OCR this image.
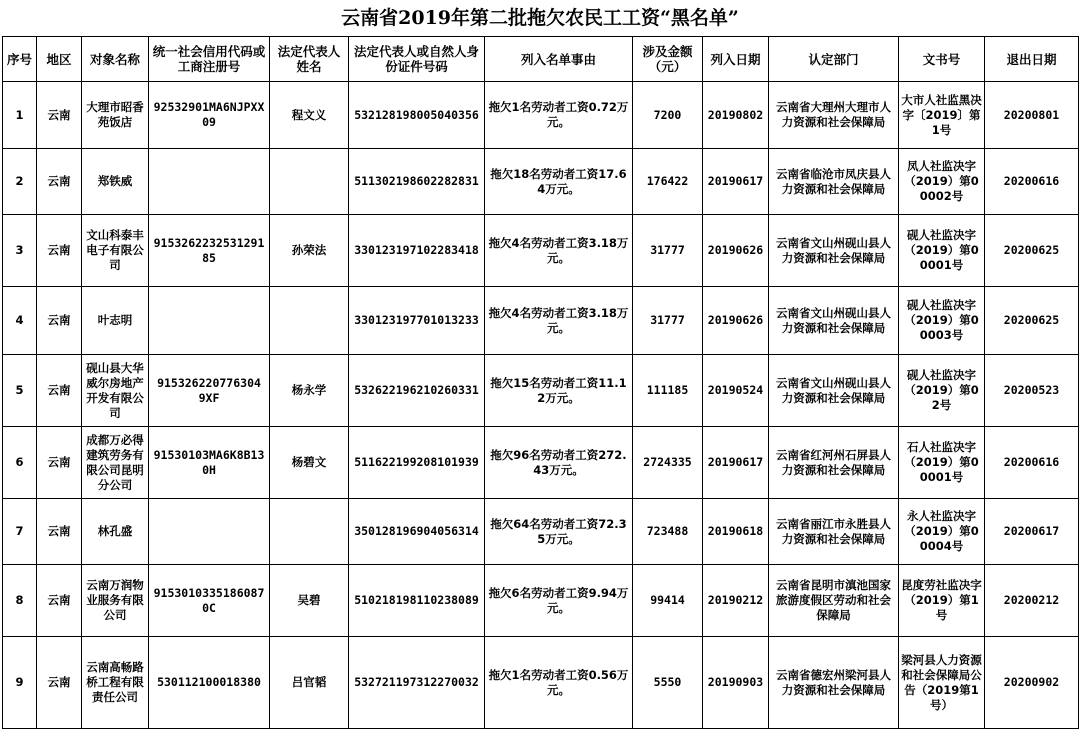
云南省2019年第二批拖欠农民工工资“黑名单”
序号	地区	对象名称	统一社会信用代码或工商注册号	法定代表人姓名	法定代表人或自然人身份证件号码	列入名单事由	涉及金额（元）	列入日期	认定部门	文书号	退出日期
1	云南	大理市昭香苑饭店	92532901MA6NJPXX09	程文义	532128198005040356	拖欠1名劳动者工资0.72万元。	7200	20190802	云南省大理州大理市人力资源和社会保障局	大市人社监黑决字〔2019〕第1号	20200801
2	云南	郑铁威			511302198602282831	拖欠18名劳动者工资17.64万元。	176422	20190617	云南省临沧市凤庆县人力资源和社会保障局	凤人社监决字（2019）第00002号	20200616
3	云南	文山科泰丰电子有限公司	915326223253129185	孙荣法	330123197102283418	拖欠4名劳动者工资3.18万元。	31777	20190626	云南省文山州砚山县人力资源和社会保障局	砚人社监决字（2019）第00001号	20200625
4	云南	叶志明			330123197701013233	拖欠4名劳动者工资3.18万元。	31777	20190626	云南省文山州砚山县人力资源和社会保障局	砚人社监决字（2019）第00003号	20200625
5	云南	砚山县大华威尔房地产开发有限公司	915326220776304 9XF	杨永学	532622196210260331	拖欠15名劳动者工资11.12万元。	111185	20190524	云南省文山州砚山县人力资源和社会保障局	砚人社监决字（2019）第02号	20200523
6	云南	成都万必得建筑劳务有限公司昆明分公司	91530103MA6K8B130H	杨碧文	511622199208101939	拖欠96名劳动者工资272.43万元。	2724335	20190617	云南省红河州石屏县人力资源和社会保障局	石人社监决字（2019）第00001号	20200616
7	云南	林孔盛			350128196904056314	拖欠64名劳动者工资72.35万元。	723488	20190618	云南省丽江市永胜县人力资源和社会保障局	永人社监决字（2019）第00004号	20200617
8	云南	云南万润物业服务有限公司	91530103351860870C	吴碧	510218198110238089	拖欠6名劳动者工资9.94万元。	99414	20190212	云南省昆明市滇池国家旅游度假区劳动和社会保障局	昆度劳社监决字（2019）第1号	20200212
9	云南	云南高畅路桥工程有限责任公司	530112100018380	吕官韬	532721197312270032	拖欠1名劳动者工资0.56万元。	5550	20190903	云南省德宏州梁河县人力资源和社会保障局	梁河县人力资源和社会保障局公告（2019第1号）	20200902
